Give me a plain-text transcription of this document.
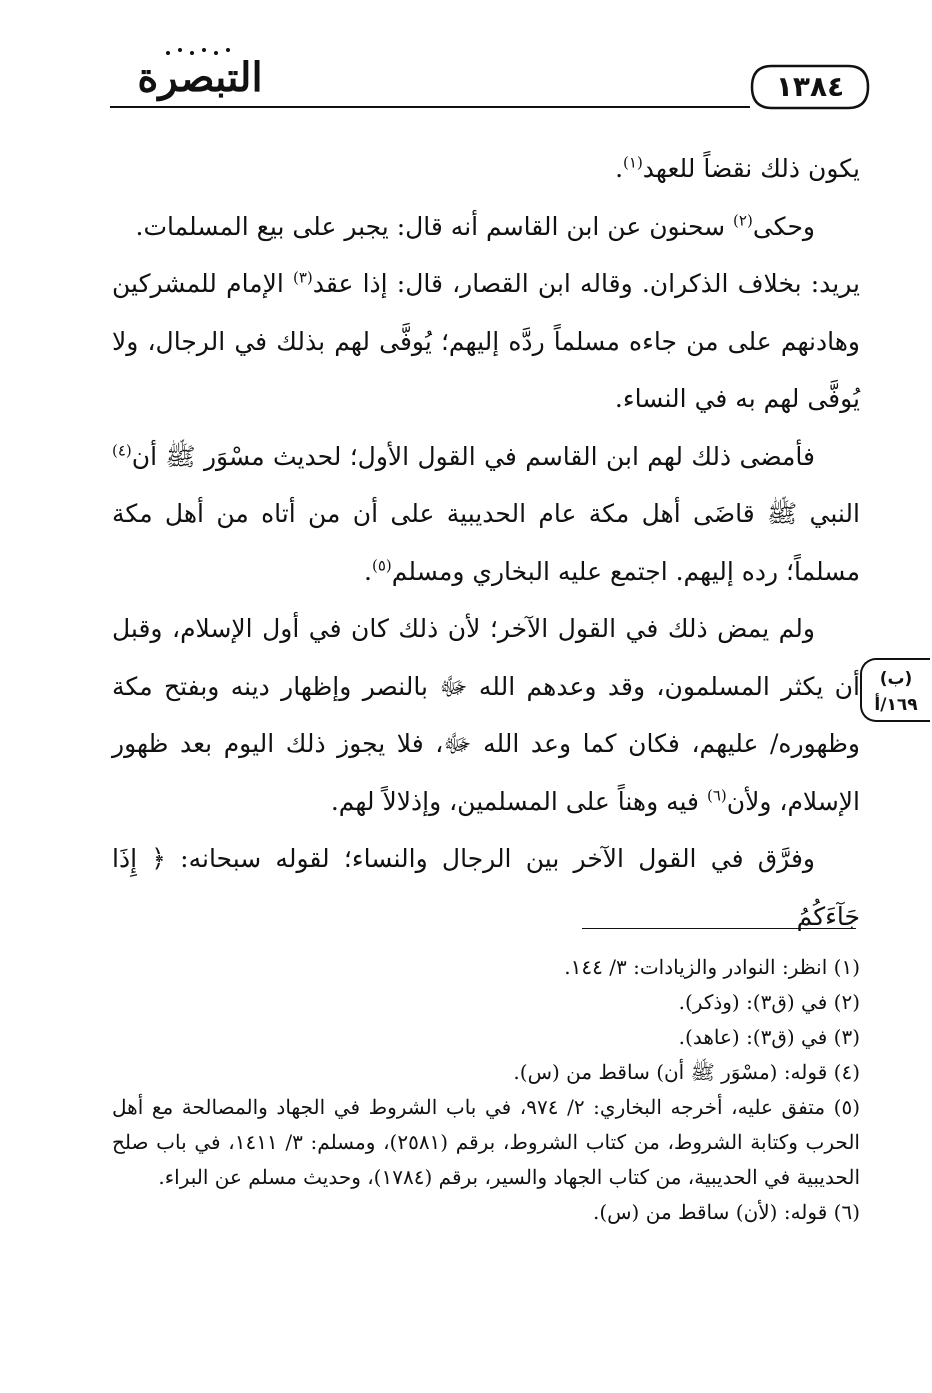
التبصرة	١٣٨٤

يكون ذلك نقضاً للعهد$^{(١)}$.

وحكى$^{(٢)}$ سحنون عن ابن القاسم أنه قال: يجبر على بيع المسلمات.

يريد: بخلاف الذكران. وقاله ابن القصار، قال: إذا عقد$^{(٣)}$ الإمام للمشركين وهادنهم على من جاءه مسلماً ردَّه إليهم؛ يُوفَّى لهم بذلك في الرجال، ولا يُوفَّى لهم به في النساء.

فأمضى ذلك لهم ابن القاسم في القول الأول؛ لحديث مسْوَر ﷺ أن$^{(٤)}$ النبي ﷺ قاضَى أهل مكة عام الحديبية على أن من أتاه من أهل مكة مسلماً؛ رده إليهم. اجتمع عليه البخاري ومسلم$^{(٥)}$.

ولم يمض ذلك في القول الآخر؛ لأن ذلك كان في أول الإسلام، وقبل أن يكثر المسلمون، وقد وعدهم الله ﷻ بالنصر وإظهار دينه وبفتح مكة وظهوره/ عليهم، فكان كما وعد الله ﷻ، فلا يجوز ذلك اليوم بعد ظهور الإسلام، ولأن$^{(٦)}$ فيه وهناً على المسلمين، وإذلالاً لهم.

وفرَّق في القول الآخر بين الرجال والنساء؛ لقوله سبحانه: ﴿ إِذَا جَآءَكُمُ

(ب)
١٦٩/أ

(١) انظر: النوادر والزيادات: ٣/ ١٤٤.

(٢) في (ق٣): (وذكر).

(٣) في (ق٣): (عاهد).

(٤) قوله: (مسْوَر ﷺ أن) ساقط من (س).

(٥) متفق عليه، أخرجه البخاري: ٢/ ٩٧٤، في باب الشروط في الجهاد والمصالحة مع أهل الحرب وكتابة الشروط، من كتاب الشروط، برقم (٢٥٨١)، ومسلم: ٣/ ١٤١١، في باب صلح الحديبية في الحديبية، من كتاب الجهاد والسير، برقم (١٧٨٤)، وحديث مسلم عن البراء.

(٦) قوله: (لأن) ساقط من (س).
